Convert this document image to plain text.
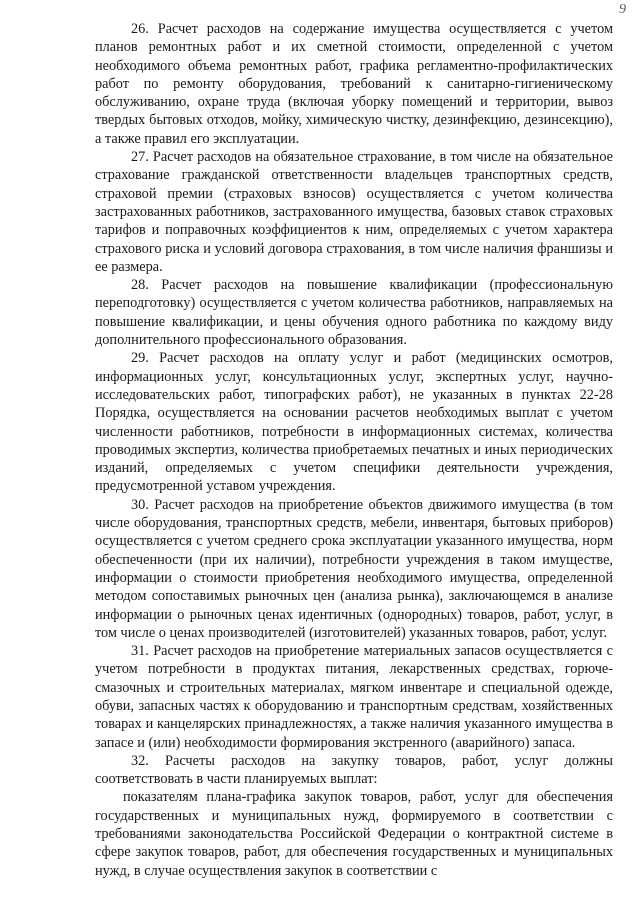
9

26. Расчет расходов на содержание имущества осуществляется с учетом планов ремонтных работ и их сметной стоимости, определенной с учетом необходимого объема ремонтных работ, графика регламентно-профилактических работ по ремонту оборудования, требований к санитарно-гигиеническому обслуживанию, охране труда (включая уборку помещений и территории, вывоз твердых бытовых отходов, мойку, химическую чистку, дезинфекцию, дезинсекцию), а также правил его эксплуатации.

27. Расчет расходов на обязательное страхование, в том числе на обязательное страхование гражданской ответственности владельцев транспортных средств, страховой премии (страховых взносов) осуществляется с учетом количества застрахованных работников, застрахованного имущества, базовых ставок страховых тарифов и поправочных коэффициентов к ним, определяемых с учетом характера страхового риска и условий договора страхования, в том числе наличия франшизы и ее размера.

28. Расчет расходов на повышение квалификации (профессиональную переподготовку) осуществляется с учетом количества работников, направляемых на повышение квалификации, и цены обучения одного работника по каждому виду дополнительного профессионального образования.

29. Расчет расходов на оплату услуг и работ (медицинских осмотров, информационных услуг, консультационных услуг, экспертных услуг, научно-исследовательских работ, типографских работ), не указанных в пунктах 22-28 Порядка, осуществляется на основании расчетов необходимых выплат с учетом численности работников, потребности в информационных системах, количества проводимых экспертиз, количества приобретаемых печатных и иных периодических изданий, определяемых с учетом специфики деятельности учреждения, предусмотренной уставом учреждения.

30. Расчет расходов на приобретение объектов движимого имущества (в том числе оборудования, транспортных средств, мебели, инвентаря, бытовых приборов) осуществляется с учетом среднего срока эксплуатации указанного имущества, норм обеспеченности (при их наличии), потребности учреждения в таком имуществе, информации о стоимости приобретения необходимого имущества, определенной методом сопоставимых рыночных цен (анализа рынка), заключающемся в анализе информации о рыночных ценах идентичных (однородных) товаров, работ, услуг, в том числе о ценах производителей (изготовителей) указанных товаров, работ, услуг.

31. Расчет расходов на приобретение материальных запасов осуществляется с учетом потребности в продуктах питания, лекарственных средствах, горюче-смазочных и строительных материалах, мягком инвентаре и специальной одежде, обуви, запасных частях к оборудованию и транспортным средствам, хозяйственных товарах и канцелярских принадлежностях, а также наличия указанного имущества в запасе и (или) необходимости формирования экстренного (аварийного) запаса.

32. Расчеты расходов на закупку товаров, работ, услуг должны соответствовать в части планируемых выплат:

показателям плана-графика закупок товаров, работ, услуг для обеспечения государственных и муниципальных нужд, формируемого в соответствии с требованиями законодательства Российской Федерации о контрактной системе в сфере закупок товаров, работ, для обеспечения государственных и муниципальных нужд, в случае осуществления закупок в соответствии с
